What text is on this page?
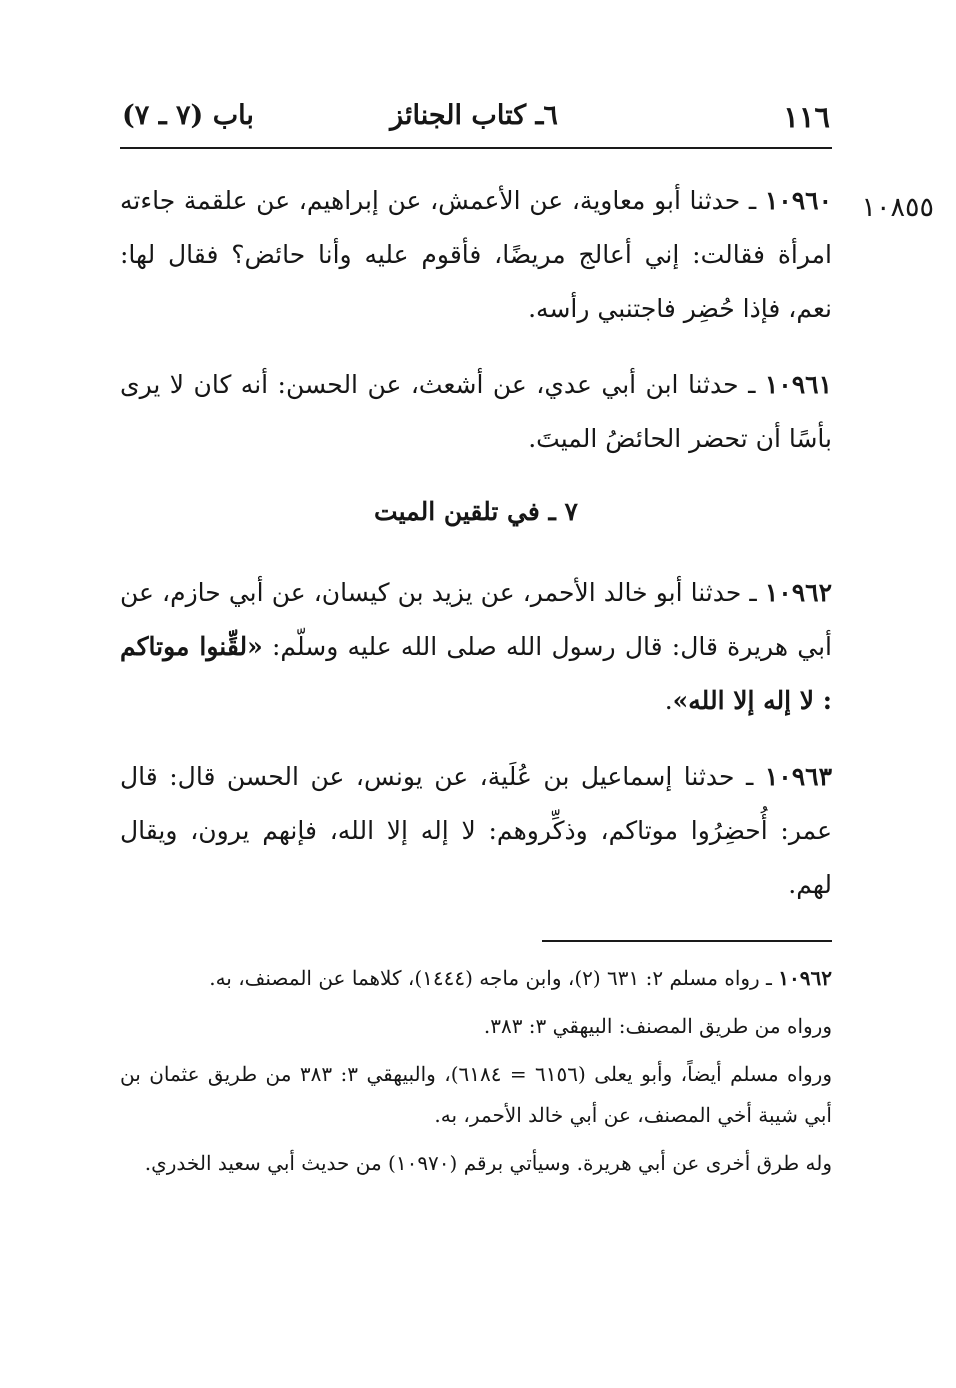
١١٦
٦ـ كتاب الجنائز
باب (٧ ـ ٧)
١٠٨٥٥

١٠٩٦٠ ـ حدثنا أبو معاوية، عن الأعمش، عن إبراهيم، عن علقمة جاءته امرأة فقالت: إني أعالج مريضًا، فأقوم عليه وأنا حائض؟ فقال لها: نعم، فإذا حُضِر فاجتنبي رأسه.

١٠٩٦١ ـ حدثنا ابن أبي عدي، عن أشعث، عن الحسن: أنه كان لا يرى بأسًا أن تحضر الحائضُ الميتَ.

٧ ـ في تلقين الميت

١٠٩٦٢ ـ حدثنا أبو خالد الأحمر، عن يزيد بن كيسان، عن أبي حازم، عن أبي هريرة قال: قال رسول الله صلى الله عليه وسلّم: «لقِّنوا موتاكم : لا إله إلا الله».

١٠٩٦٣ ـ حدثنا إسماعيل بن عُلَية، عن يونس، عن الحسن قال: قال عمر: أُحضِرُوا موتاكم، وذكِّروهم: لا إله إلا الله، فإنهم يرون، ويقال لهم.

١٠٩٦٢ ـ رواه مسلم ٢: ٦٣١ (٢)، وابن ماجه (١٤٤٤)، كلاهما عن المصنف، به.

ورواه من طريق المصنف: البيهقي ٣: ٣٨٣.

ورواه مسلم أيضاً، وأبو يعلى (٦١٥٦ = ٦١٨٤)، والبيهقي ٣: ٣٨٣ من طريق عثمان بن أبي شيبة أخي المصنف، عن أبي خالد الأحمر، به.

وله طرق أخرى عن أبي هريرة. وسيأتي برقم (١٠٩٧٠) من حديث أبي سعيد الخدري.
